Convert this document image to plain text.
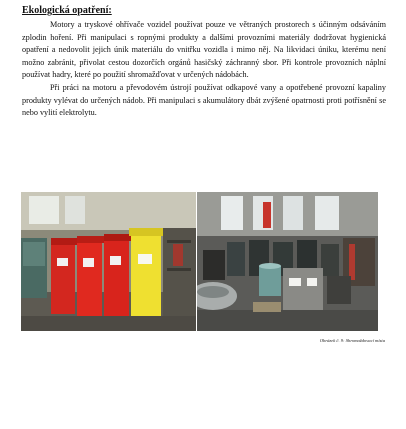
Ekologická opatření:

Motory a tryskové ohřívače vozidel používat pouze ve větraných prostorech s účinným odsáváním zplodin hoření. Při manipulaci s ropnými produkty a dalšími provozními materiály dodržovat hygienická opatření a nedovolit jejich únik materiálu do vnitřku vozidla i mimo něj. Na likvidaci úniku, kterému není možno zabránit, přivolat cestou dozorčích orgánů hasičský záchranný sbor. Při kontrole provozních náplní používat hadry, které po použití shromažďovat v určených nádobách.

Při práci na motoru a převodovém ústrojí používat odkapové vany a opotřebené provozní kapaliny produkty vylévat do určených nádob. Při manipulaci s akumulátory dbát zvýšené opatrnosti proti potřísnění se nebo vylití elektrolytu.

Obrázek č. 9: Shromaždovací místa
